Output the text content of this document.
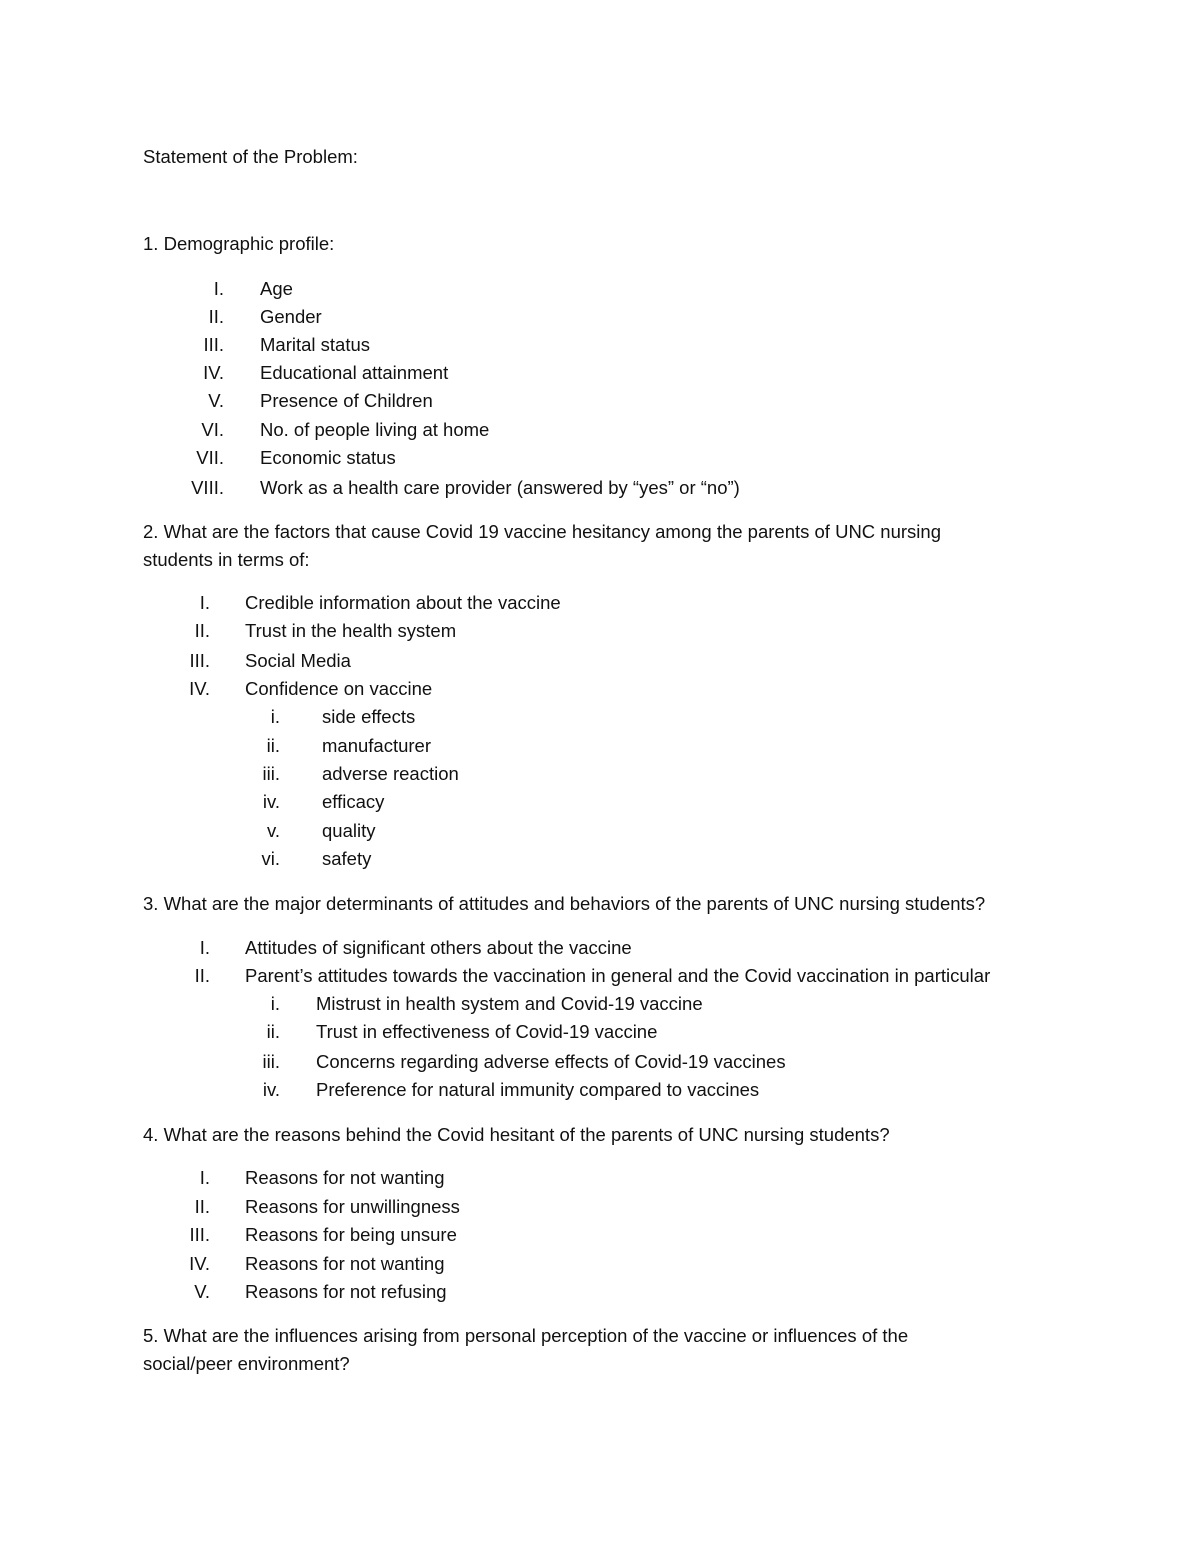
Statement of the Problem:
1. Demographic profile:
I. Age
II. Gender
III. Marital status
IV. Educational attainment
V. Presence of Children
VI. No. of people living at home
VII. Economic status
VIII. Work as a health care provider (answered by “yes” or “no”)
2. What are the factors that cause Covid 19 vaccine hesitancy among the parents of UNC nursing
students in terms of:
I. Credible information about the vaccine
II. Trust in the health system
III. Social Media
IV. Confidence on vaccine
i. side effects
ii. manufacturer
iii. adverse reaction
iv. efficacy
v. quality
vi. safety
3. What are the major determinants of attitudes and behaviors of the parents of UNC nursing students?
I. Attitudes of significant others about the vaccine
II. Parent’s attitudes towards the vaccination in general and the Covid vaccination in particular
i. Mistrust in health system and Covid-19 vaccine
ii. Trust in effectiveness of Covid-19 vaccine
iii. Concerns regarding adverse effects of Covid-19 vaccines
iv. Preference for natural immunity compared to vaccines
4. What are the reasons behind the Covid hesitant of the parents of UNC nursing students?
I. Reasons for not wanting
II. Reasons for unwillingness
III. Reasons for being unsure
IV. Reasons for not wanting
V. Reasons for not refusing
5. What are the influences arising from personal perception of the vaccine or influences of the
social/peer environment?
